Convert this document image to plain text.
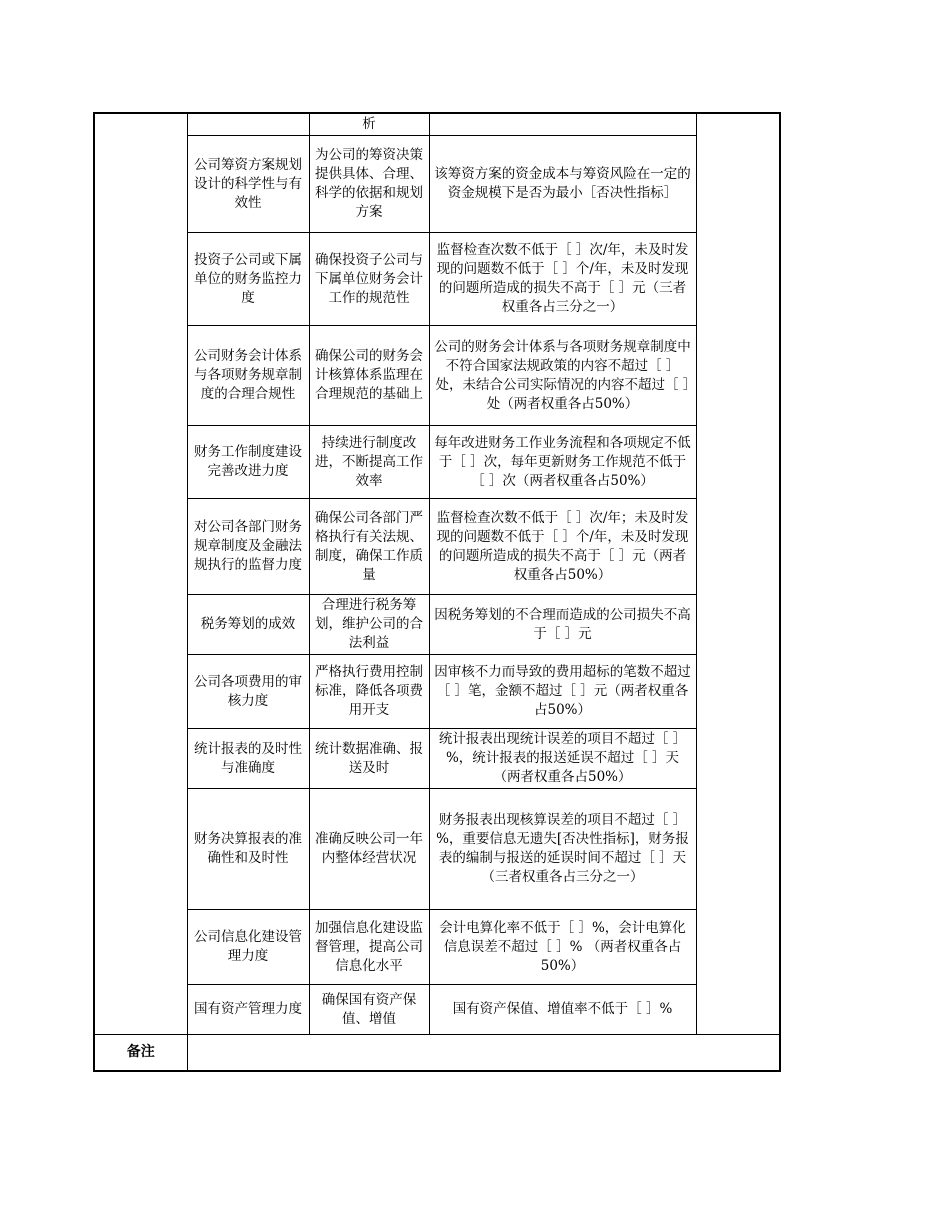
		析		
	公司筹资方案规划设计的科学性与有效性	为公司的筹资决策提供具体、合理、科学的依据和规划方案	该筹资方案的资金成本与筹资风险在一定的资金规模下是否为最小［否决性指标］	
	投资子公司或下属单位的财务监控力度	确保投资子公司与下属单位财务会计工作的规范性	监督检查次数不低于［ ］次/年，未及时发现的问题数不低于［ ］个/年，未及时发现的问题所造成的损失不高于［ ］元（三者权重各占三分之一）	
	公司财务会计体系与各项财务规章制度的合理合规性	确保公司的财务会计核算体系监理在合理规范的基础上	公司的财务会计体系与各项财务规章制度中不符合国家法规政策的内容不超过［ ］处，未结合公司实际情况的内容不超过［ ］处（两者权重各占50%）	
	财务工作制度建设完善改进力度	持续进行制度改进，不断提高工作效率	每年改进财务工作业务流程和各项规定不低于［ ］次，每年更新财务工作规范不低于［ ］次（两者权重各占50%）	
	对公司各部门财务规章制度及金融法规执行的监督力度	确保公司各部门严格执行有关法规、制度，确保工作质量	监督检查次数不低于［ ］次/年；未及时发现的问题数不低于［ ］个/年，未及时发现的问题所造成的损失不高于［ ］元（两者权重各占50%）	
	税务筹划的成效	合理进行税务筹划，维护公司的合法利益	因税务筹划的不合理而造成的公司损失不高于［ ］元	
	公司各项费用的审核力度	严格执行费用控制标准，降低各项费用开支	因审核不力而导致的费用超标的笔数不超过［ ］笔，金额不超过［ ］元（两者权重各占50%）	
	统计报表的及时性与准确度	统计数据准确、报送及时	统计报表出现统计误差的项目不超过［ ］%，统计报表的报送延误不超过［ ］天（两者权重各占50%）	
	财务决算报表的准确性和及时性	准确反映公司一年内整体经营状况	财务报表出现核算误差的项目不超过［ ］%，重要信息无遗失[否决性指标]，财务报表的编制与报送的延误时间不超过［ ］天（三者权重各占三分之一）	
	公司信息化建设管理力度	加强信息化建设监督管理，提高公司信息化水平	会计电算化率不低于［ ］%，会计电算化信息误差不超过［ ］% （两者权重各占50%）	
	国有资产管理力度	确保国有资产保值、增值	国有资产保值、增值率不低于［ ］%	
备注				
